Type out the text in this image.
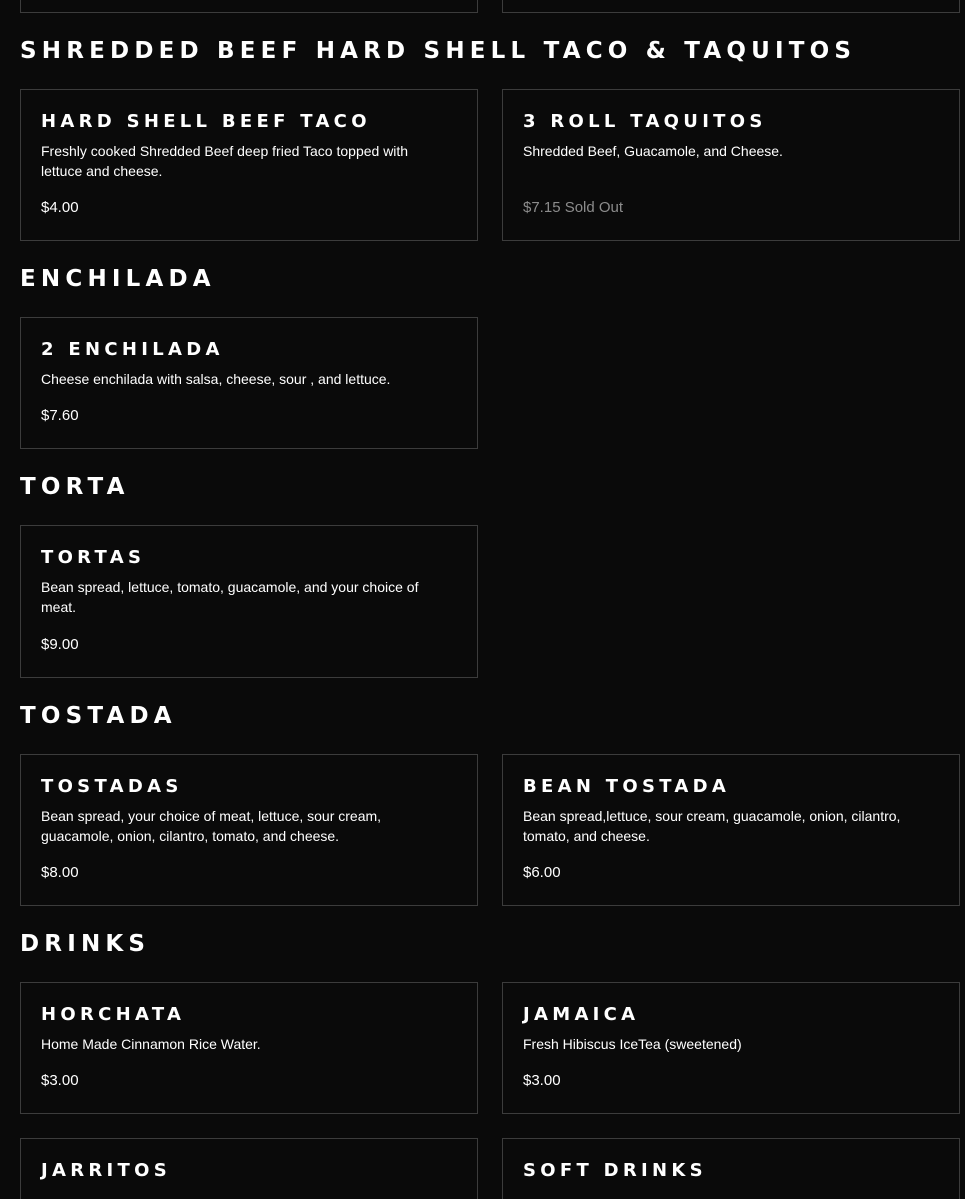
SHREDDED BEEF HARD SHELL TACO & TAQUITOS
HARD SHELL BEEF TACO

Freshly cooked Shredded Beef deep fried Taco topped with lettuce and cheese.

$4.00

3 ROLL TAQUITOS

Shredded Beef, Guacamole, and Cheese.

$7.15 Sold Out

ENCHILADA
2 ENCHILADA

Cheese enchilada with salsa, cheese, sour , and lettuce.

$7.60

TORTA
TORTAS

Bean spread, lettuce, tomato, guacamole, and your choice of meat.

$9.00

TOSTADA
TOSTADAS

Bean spread, your choice of meat, lettuce, sour cream, guacamole, onion, cilantro, tomato, and cheese.

$8.00

BEAN TOSTADA

Bean spread,lettuce, sour cream, guacamole, onion, cilantro, tomato, and cheese.

$6.00

DRINKS
HORCHATA

Home Made Cinnamon Rice Water.

$3.00

JAMAICA

Fresh Hibiscus IceTea (sweetened)

$3.00

JARRITOS	SOFT DRINKS
